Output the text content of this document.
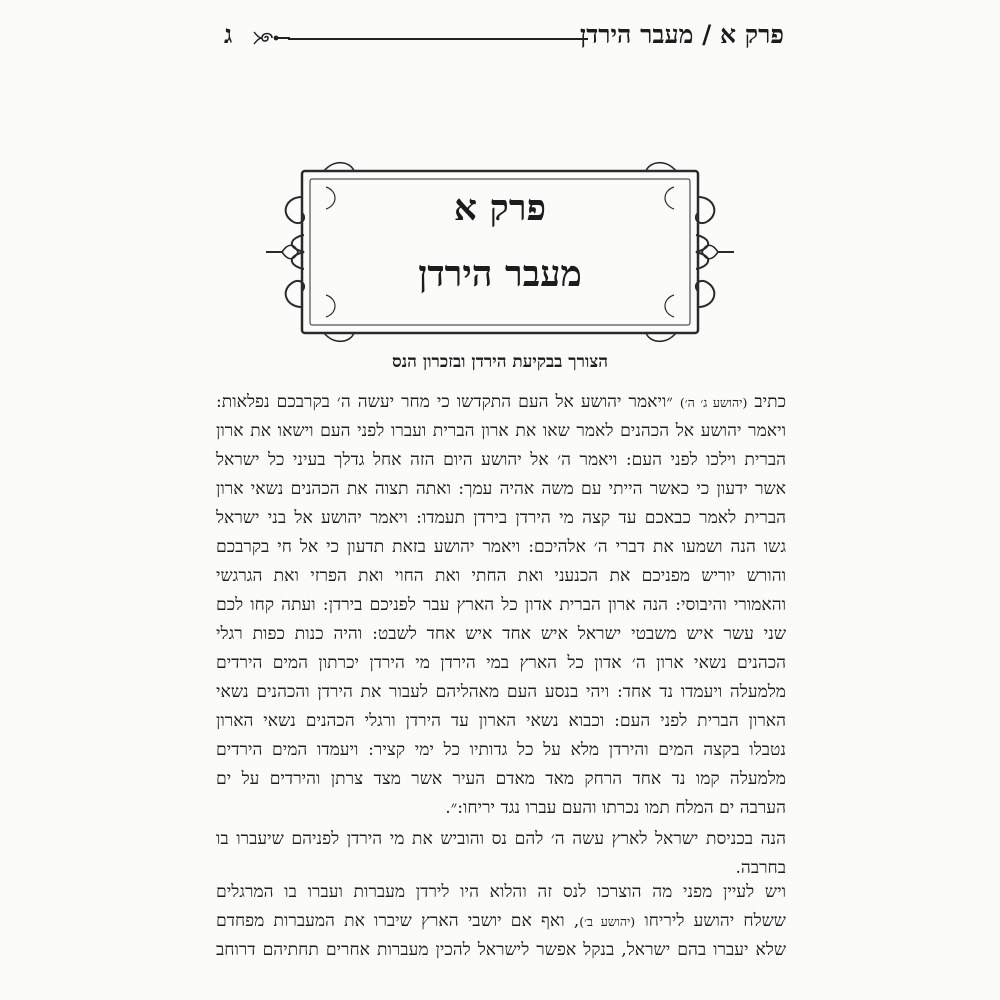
פרק א / מעבר הירדן
ג
פרק א
מעבר הירדן
הצורך בבקיעת הירדן ובזכרון הנס
כתיב (יהושע ג׳ ה׳) ״ויאמר יהושע אל העם התקדשו כי מחר יעשה ה׳ בקרבכם נפלאות:
ויאמר יהושע אל הכהנים לאמר שאו את ארון הברית ועברו לפני העם וישאו את ארון
הברית וילכו לפני העם: ויאמר ה׳ אל יהושע היום הזה אחל גדלך בעיני כל ישראל
אשר ידעון כי כאשר הייתי עם משה אהיה עמך: ואתה תצוה את הכהנים נשאי ארון
הברית לאמר כבאכם עד קצה מי הירדן בירדן תעמדו: ויאמר יהושע אל בני ישראל
גשו הנה ושמעו את דברי ה׳ אלהיכם: ויאמר יהושע בזאת תדעון כי אל חי בקרבכם
והורש יוריש מפניכם את הכנעני ואת החתי ואת החוי ואת הפרזי ואת הגרגשי
והאמורי והיבוסי: הנה ארון הברית אדון כל הארץ עבר לפניכם בירדן: ועתה קחו לכם
שני עשר איש משבטי ישראל איש אחד איש אחד לשבט: והיה כנות כפות רגלי
הכהנים נשאי ארון ה׳ אדון כל הארץ במי הירדן מי הירדן יכרתון המים הירדים
מלמעלה ויעמדו נד אחד: ויהי בנסע העם מאהליהם לעבור את הירדן והכהנים נשאי
הארון הברית לפני העם: וכבוא נשאי הארון עד הירדן ורגלי הכהנים נשאי הארון
נטבלו בקצה המים והירדן מלא על כל גדותיו כל ימי קציר: ויעמדו המים הירדים
מלמעלה קמו נד אחד הרחק מאד מאדם העיר אשר מצד צרתן והירדים על ים
הערבה ים המלח תמו נכרתו והעם עברו נגד יריחו:״.
הנה בכניסת ישראל לארץ עשה ה׳ להם נס והוביש את מי הירדן לפניהם שיעברו בו
בחרבה.
ויש לעיין מפני מה הוצרכו לנס זה והלוא היו לירדן מעברות ועברו בו המרגלים
ששלח יהושע ליריחו (יהושע ב׳), ואף אם יושבי הארץ שיברו את המעברות מפחדם
שלא יעברו בהם ישראל, בנקל אפשר לישראל להכין מעברות אחרים תחתיהם דרוחב
